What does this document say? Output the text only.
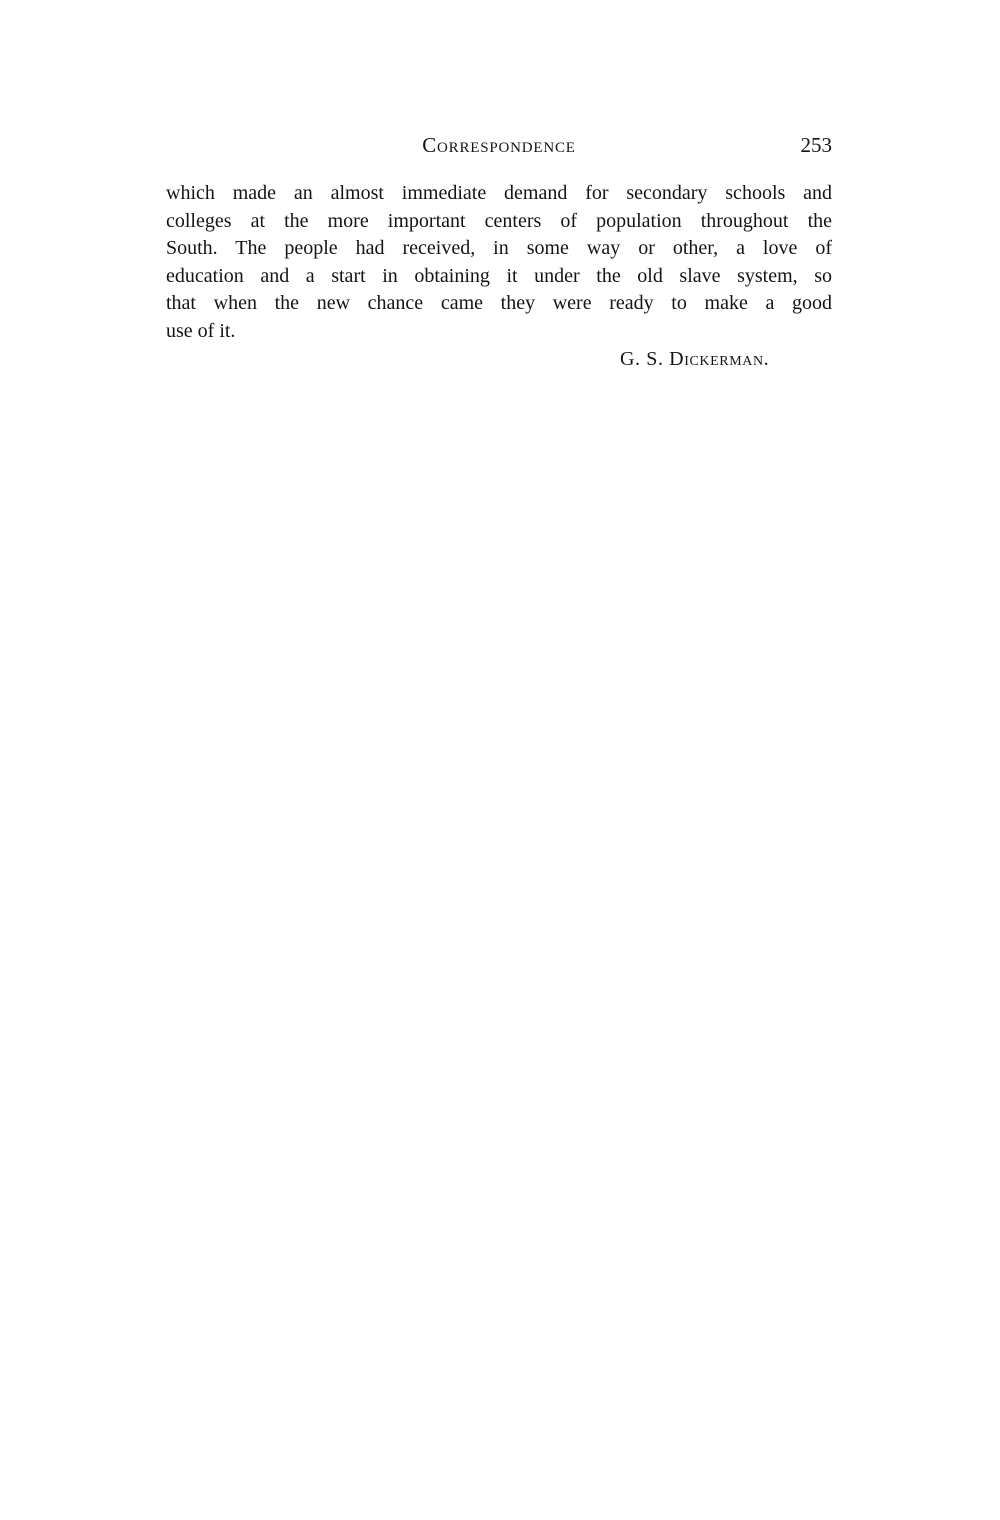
Correspondence	253
which made an almost immediate demand for secondary schools and
colleges at the more important centers of population throughout the
South. The people had received, in some way or other, a love of
education and a start in obtaining it under the old slave system, so
that when the new chance came they were ready to make a good
use of it.
G. S. Dickerman.
